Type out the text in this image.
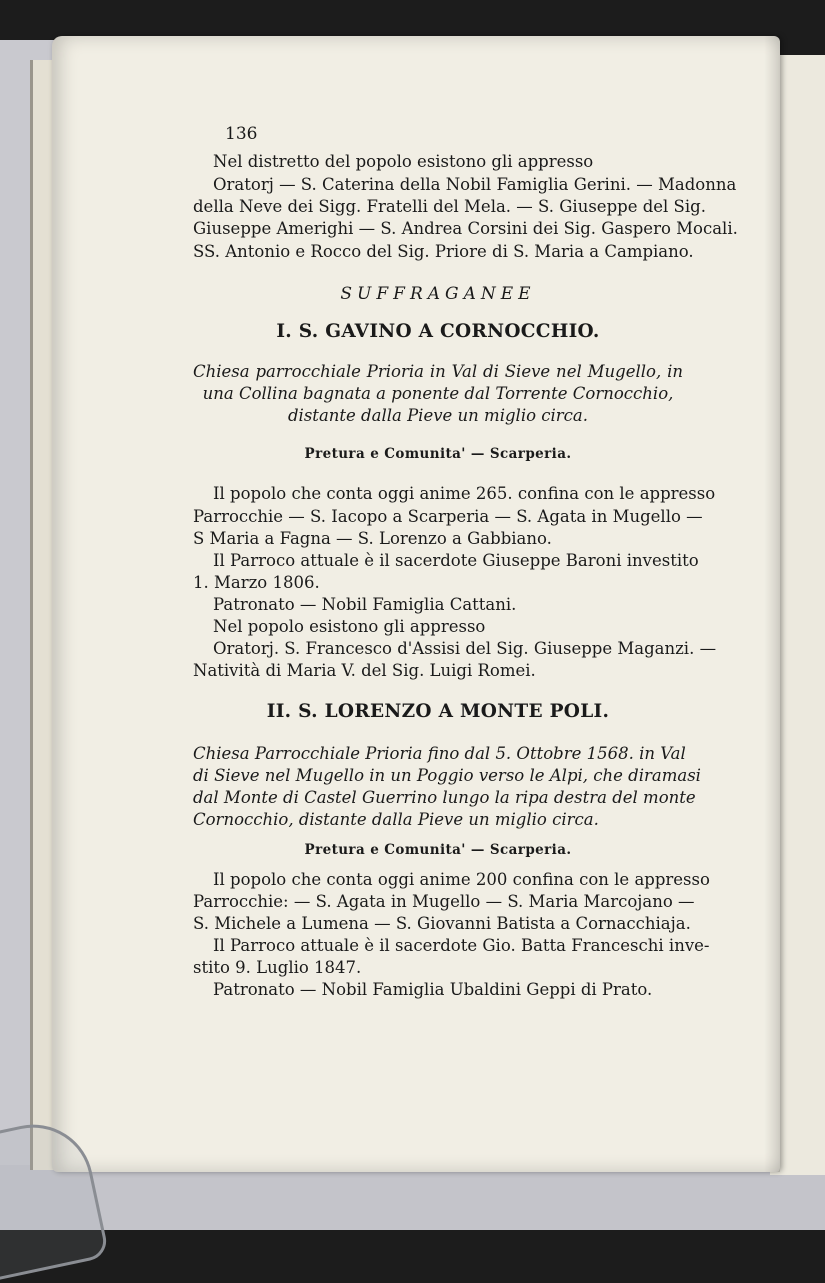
136

Nel distretto del popolo esistono gli appresso

Oratorj — S. Caterina della Nobil Famiglia Gerini. — Madonna

della Neve dei Sigg. Fratelli del Mela. — S. Giuseppe del Sig.

Giuseppe Amerighi — S. Andrea Corsini dei Sig. Gaspero Mocali.

SS. Antonio e Rocco del Sig. Priore di S. Maria a Campiano.

SUFFRAGANEE

I. S. GAVINO A CORNOCCHIO.

Chiesa parrocchiale Prioria in Val di Sieve nel Mugello, in

una Collina bagnata a ponente dal Torrente Cornocchio,

distante dalla Pieve un miglio circa.

Pretura e Comunita' — Scarperia.

Il popolo che conta oggi anime 265. confina con le appresso

Parrocchie — S. Iacopo a Scarperia — S. Agata in Mugello —

S Maria a Fagna — S. Lorenzo a Gabbiano.

Il Parroco attuale è il sacerdote Giuseppe Baroni investito

1. Marzo 1806.

Patronato — Nobil Famiglia Cattani.

Nel popolo esistono gli appresso

Oratorj. S. Francesco d'Assisi del Sig. Giuseppe Maganzi. —

Natività di Maria V. del Sig. Luigi Romei.

II. S. LORENZO A MONTE POLI.

Chiesa Parrocchiale Prioria fino dal 5. Ottobre 1568. in Val

di Sieve nel Mugello in un Poggio verso le Alpi, che diramasi

dal Monte di Castel Guerrino lungo la ripa destra del monte

Cornocchio, distante dalla Pieve un miglio circa.

Pretura e Comunita' — Scarperia.

Il popolo che conta oggi anime 200 confina con le appresso

Parrocchie: — S. Agata in Mugello — S. Maria Marcojano —

S. Michele a Lumena — S. Giovanni Batista a Cornacchiaja.

Il Parroco attuale è il sacerdote Gio. Batta Franceschi inve-

stito 9. Luglio 1847.

Patronato — Nobil Famiglia Ubaldini Geppi di Prato.
